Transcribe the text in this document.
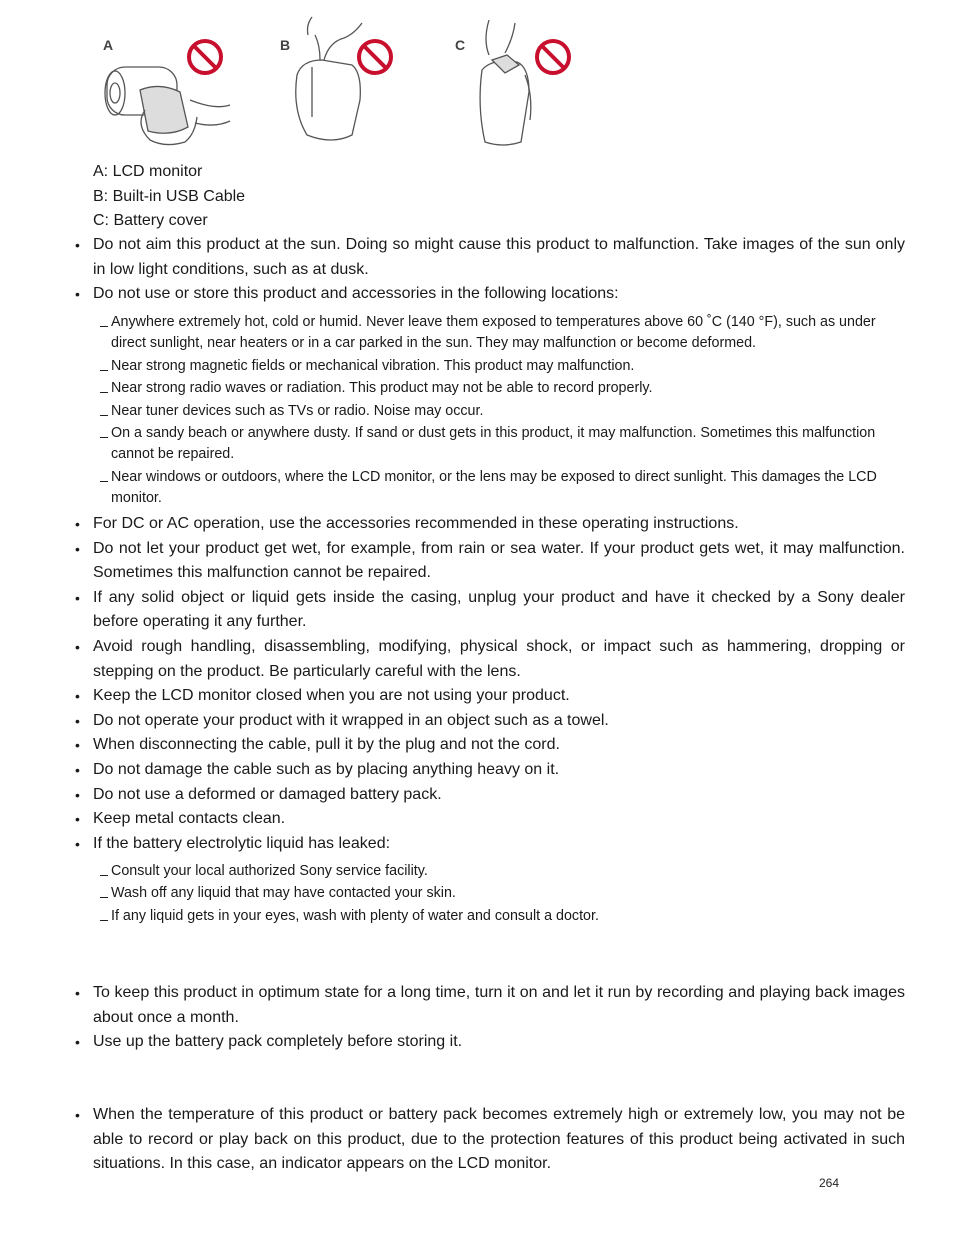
A	B	C
A: LCD monitor
B: Built-in USB Cable
C: Battery cover
• Do not aim this product at the sun. Doing so might cause this product to malfunction. Take images of the sun only in low light conditions, such as at dusk.
• Do not use or store this product and accessories in the following locations:
Anywhere extremely hot, cold or humid. Never leave them exposed to temperatures above 60 ˚C (140 °F), such as under direct sunlight, near heaters or in a car parked in the sun. They may malfunction or become deformed.
Near strong magnetic fields or mechanical vibration. This product may malfunction.
Near strong radio waves or radiation. This product may not be able to record properly.
Near tuner devices such as TVs or radio. Noise may occur.
On a sandy beach or anywhere dusty. If sand or dust gets in this product, it may malfunction. Sometimes this malfunction cannot be repaired.
Near windows or outdoors, where the LCD monitor, or the lens may be exposed to direct sunlight. This damages the LCD monitor.
• For DC or AC operation, use the accessories recommended in these operating instructions.
• Do not let your product get wet, for example, from rain or sea water. If your product gets wet, it may malfunction. Sometimes this malfunction cannot be repaired.
• If any solid object or liquid gets inside the casing, unplug your product and have it checked by a Sony dealer before operating it any further.
• Avoid rough handling, disassembling, modifying, physical shock, or impact such as hammering, dropping or stepping on the product. Be particularly careful with the lens.
• Keep the LCD monitor closed when you are not using your product.
• Do not operate your product with it wrapped in an object such as a towel.
• When disconnecting the cable, pull it by the plug and not the cord.
• Do not damage the cable such as by placing anything heavy on it.
• Do not use a deformed or damaged battery pack.
• Keep metal contacts clean.
• If the battery electrolytic liquid has leaked:
Consult your local authorized Sony service facility.
Wash off any liquid that may have contacted your skin.
If any liquid gets in your eyes, wash with plenty of water and consult a doctor.
• To keep this product in optimum state for a long time, turn it on and let it run by recording and playing back images about once a month.
• Use up the battery pack completely before storing it.
• When the temperature of this product or battery pack becomes extremely high or extremely low, you may not be able to record or play back on this product, due to the protection features of this product being activated in such situations. In this case, an indicator appears on the LCD monitor.
264
